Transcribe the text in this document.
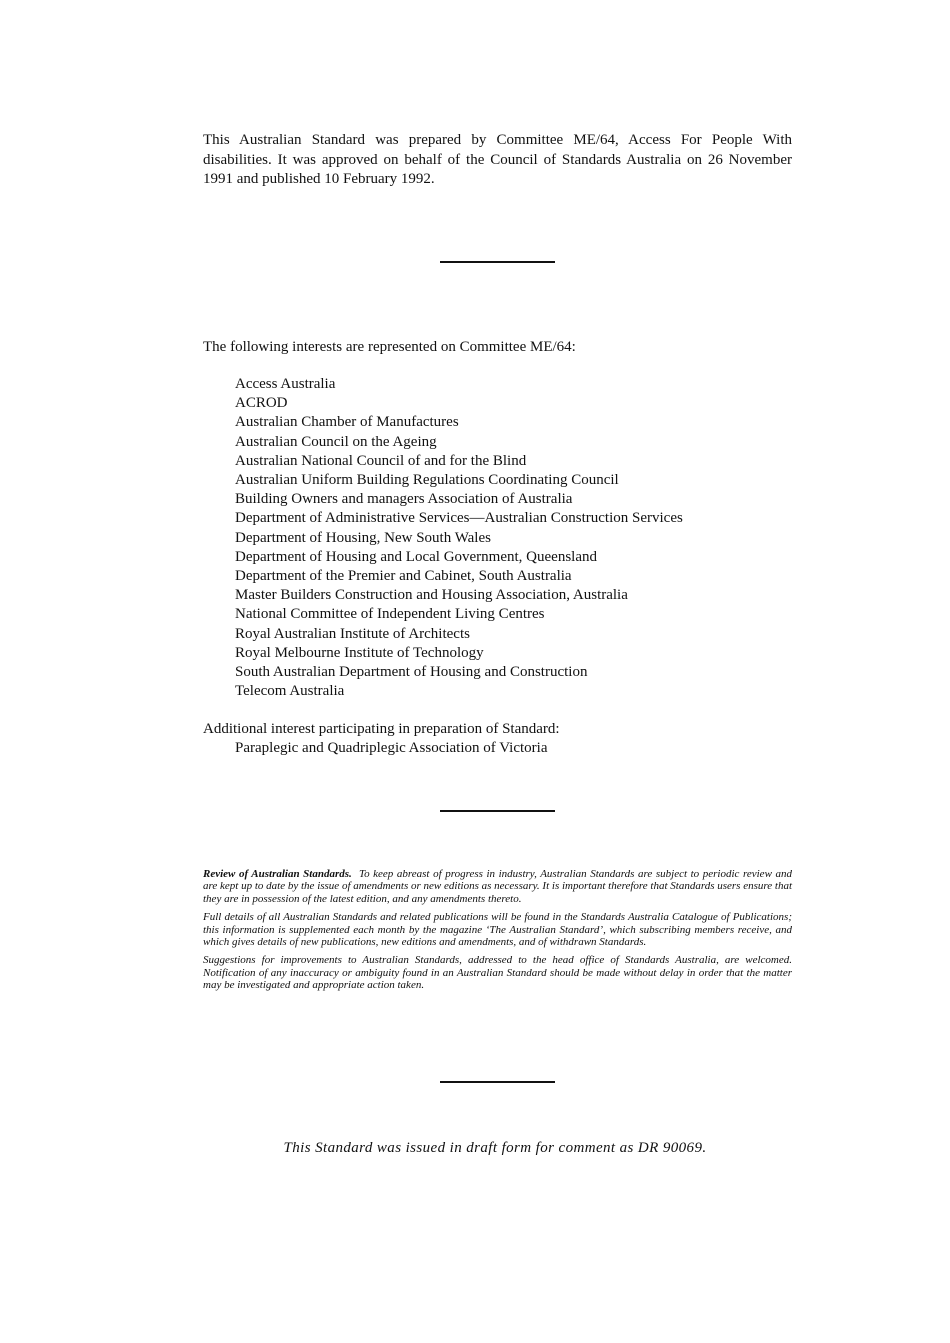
This Australian Standard was prepared by Committee ME/64, Access For People With disabilities. It was approved on behalf of the Council of Standards Australia on 26 November 1991 and published 10 February 1992.
The following interests are represented on Committee ME/64:
Access Australia
ACROD
Australian Chamber of Manufactures
Australian Council on the Ageing
Australian National Council of and for the Blind
Australian Uniform Building Regulations Coordinating Council
Building Owners and managers Association of Australia
Department of Administrative Services—Australian Construction Services
Department of Housing, New South Wales
Department of Housing and Local Government, Queensland
Department of the Premier and Cabinet, South Australia
Master Builders Construction and Housing Association, Australia
National Committee of Independent Living Centres
Royal Australian Institute of Architects
Royal Melbourne Institute of Technology
South Australian Department of Housing and Construction
Telecom Australia
Additional interest participating in preparation of Standard:
Paraplegic and Quadriplegic Association of Victoria

Review of Australian Standards. To keep abreast of progress in industry, Australian Standards are subject to periodic review and are kept up to date by the issue of amendments or new editions as necessary. It is important therefore that Standards users ensure that they are in possession of the latest edition, and any amendments thereto.

Full details of all Australian Standards and related publications will be found in the Standards Australia Catalogue of Publications; this information is supplemented each month by the magazine ‘The Australian Standard’, which subscribing members receive, and which gives details of new publications, new editions and amendments, and of withdrawn Standards.

Suggestions for improvements to Australian Standards, addressed to the head office of Standards Australia, are welcomed. Notification of any inaccuracy or ambiguity found in an Australian Standard should be made without delay in order that the matter may be investigated and appropriate action taken.

This Standard was issued in draft form for comment as DR 90069.
